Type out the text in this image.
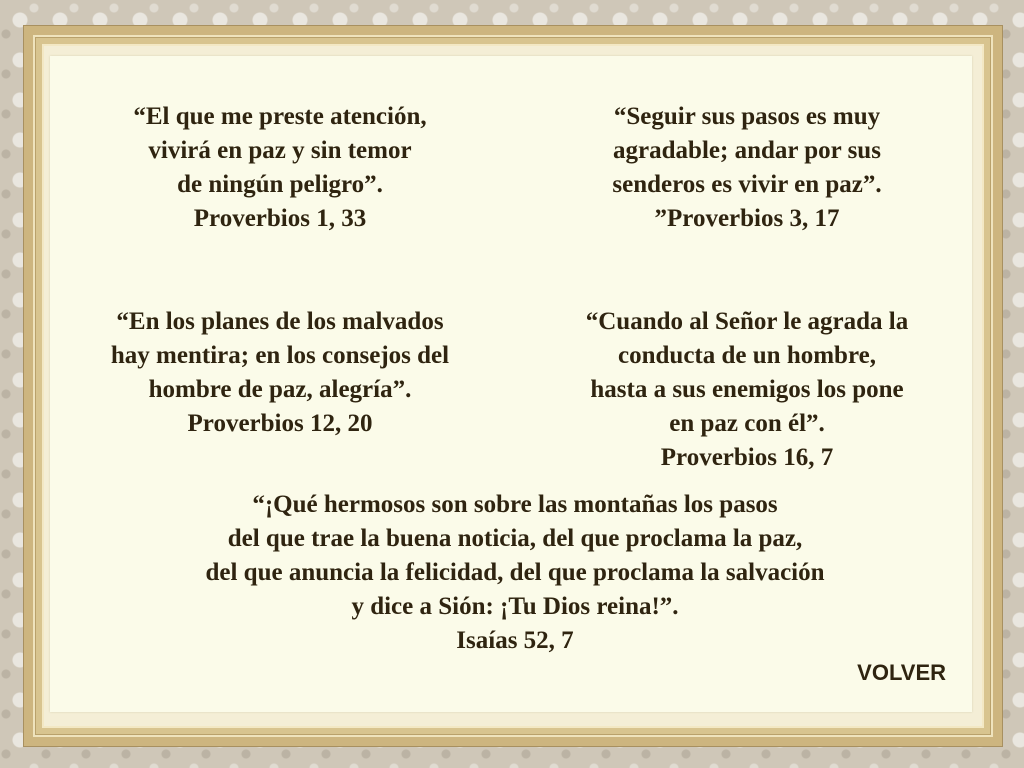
“El que me preste atención,
vivirá en paz y sin temor
de ningún peligro”.
Proverbios 1, 33
“Seguir sus pasos es muy
agradable; andar por sus
senderos es vivir en paz”.
”Proverbios 3, 17
“En los planes de los malvados
hay mentira; en los consejos del
hombre de paz, alegría”.
Proverbios 12, 20
“Cuando al Señor le agrada la
conducta de un hombre,
hasta a sus enemigos los pone
en paz con él”.
Proverbios 16, 7
“¡Qué hermosos son sobre las montañas los pasos
del que trae la buena noticia, del que proclama la paz,
del que anuncia la felicidad, del que proclama la salvación
y dice a Sión: ¡Tu Dios reina!”.
Isaías 52, 7
VOLVER
